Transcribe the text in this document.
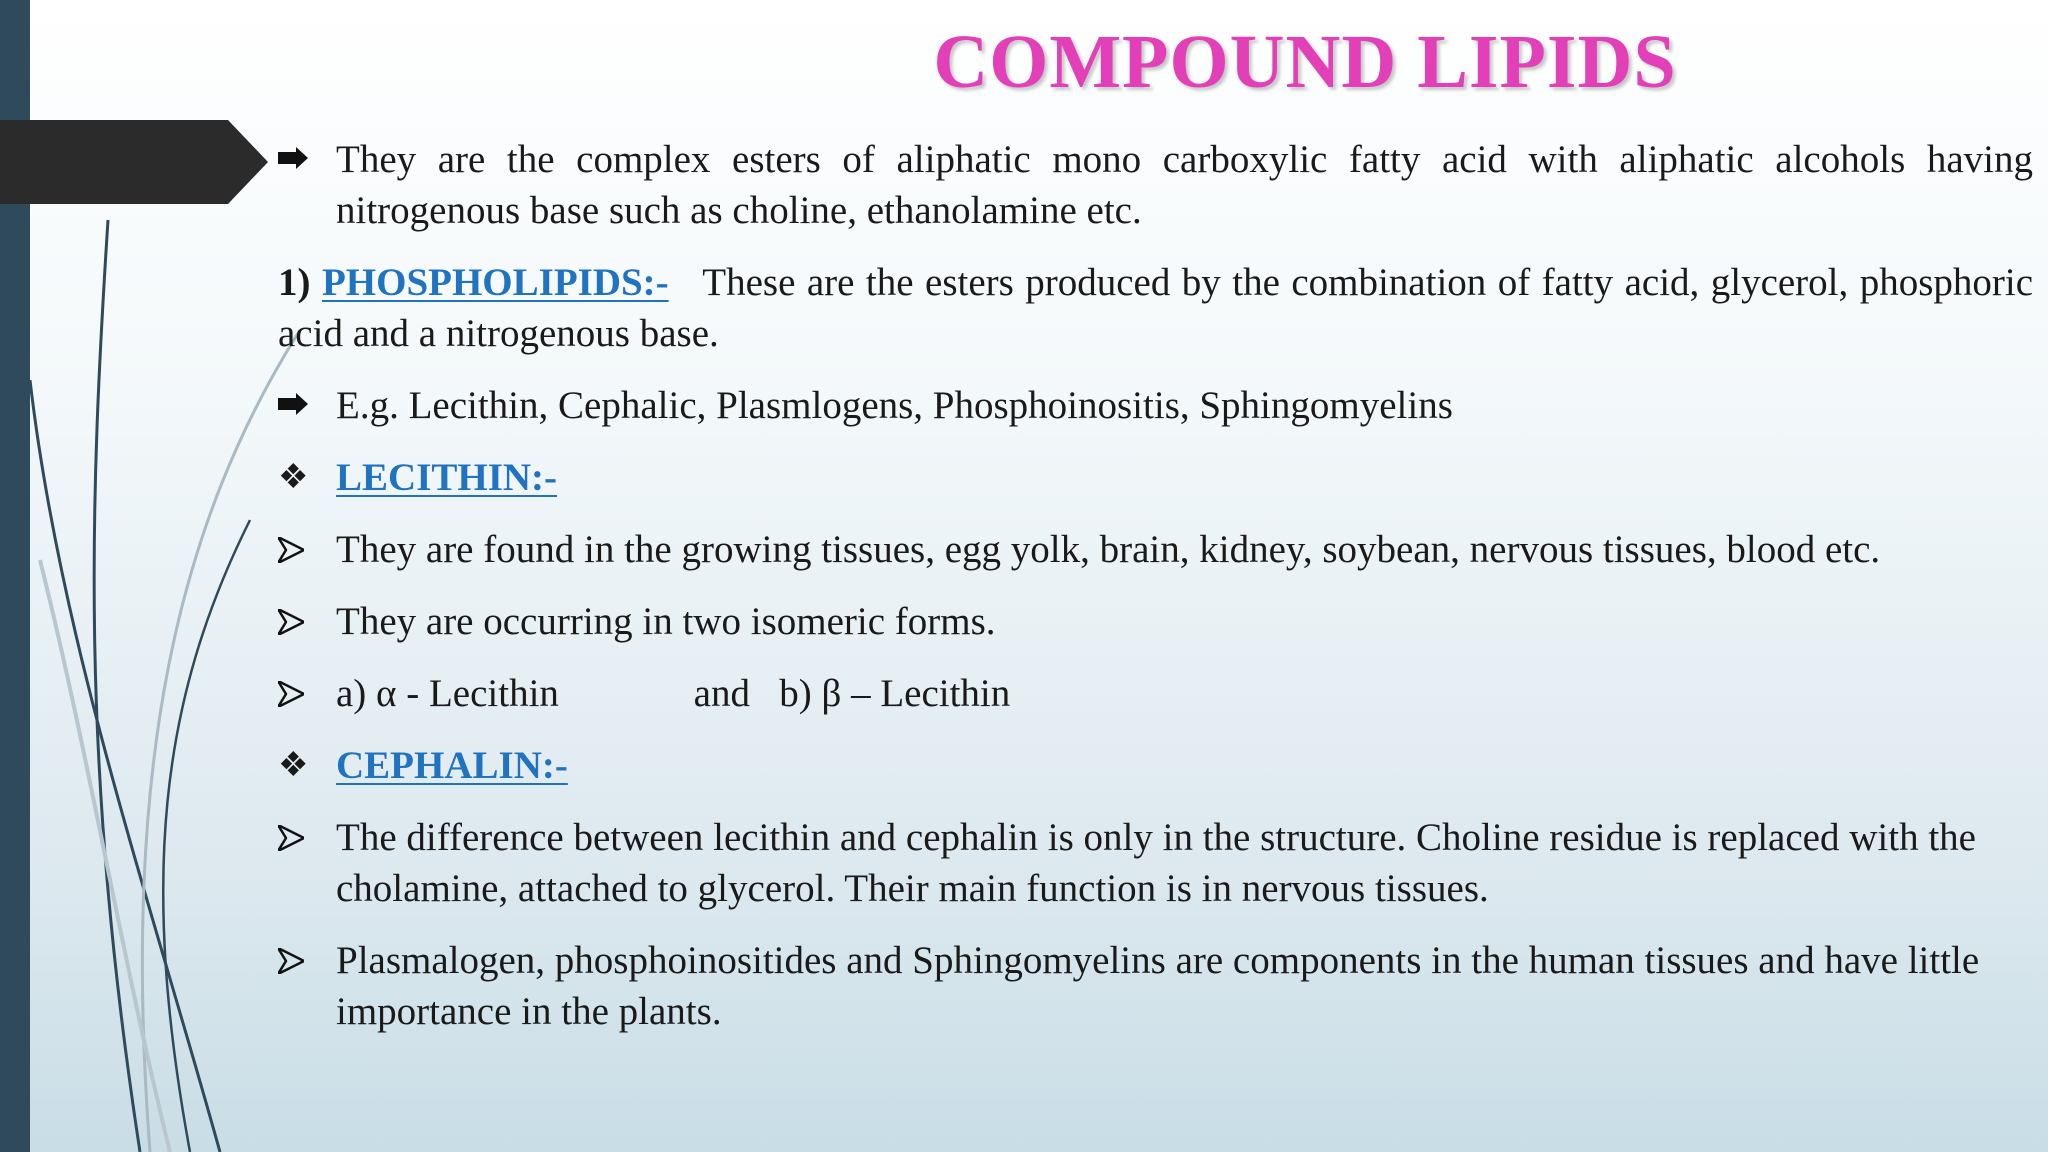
COMPOUND LIPIDS
They are the complex esters of aliphatic mono carboxylic fatty acid with aliphatic alcohols having nitrogenous base such as choline, ethanolamine etc.
1) PHOSPHOLIPIDS:- These are the esters produced by the combination of fatty acid, glycerol, phosphoric acid and a nitrogenous base.
E.g. Lecithin, Cephalic, Plasmlogens, Phosphoinositis, Sphingomyelins
❖ LECITHIN:-
They are found in the growing tissues, egg yolk, brain, kidney, soybean, nervous tissues, blood etc.
They are occurring in two isomeric forms.
a) α - Lecithin	and b) β – Lecithin
❖ CEPHALIN:-
The difference between lecithin and cephalin is only in the structure. Choline residue is replaced with the cholamine, attached to glycerol. Their main function is in nervous tissues.
Plasmalogen, phosphoinositides and Sphingomyelins are components in the human tissues and have little importance in the plants.
